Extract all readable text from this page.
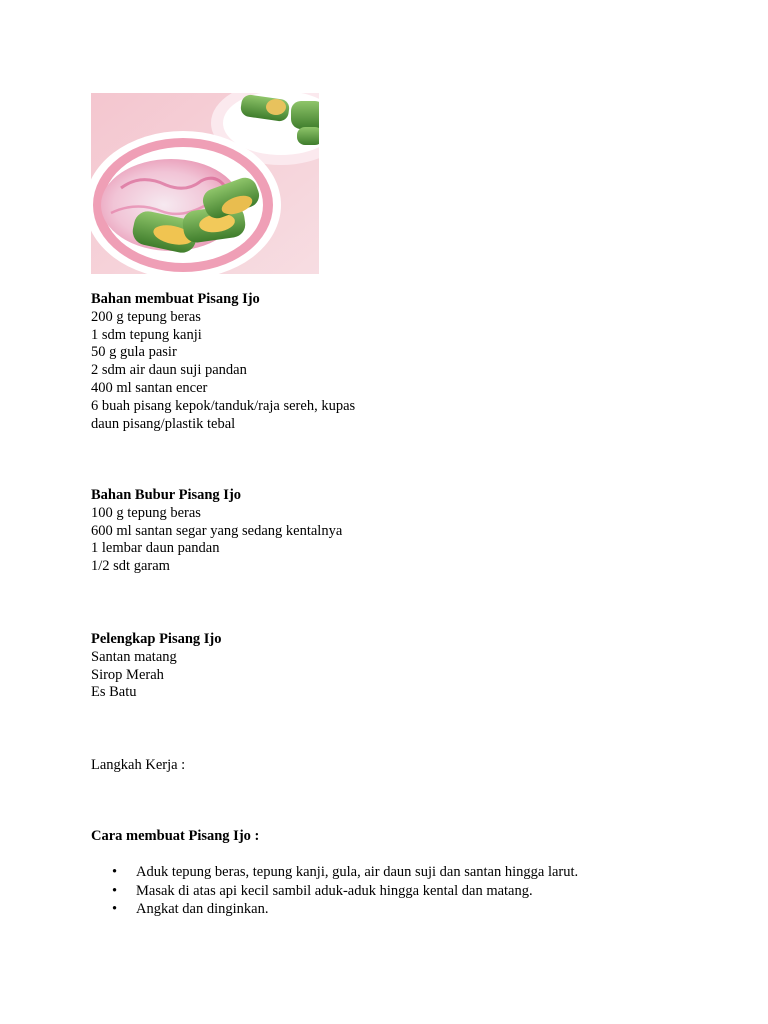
Bahan membuat Pisang Ijo
200 g tepung beras
1 sdm tepung kanji
50 g gula pasir
2 sdm air daun suji pandan
400 ml santan encer
6 buah pisang kepok/tanduk/raja sereh, kupas
daun pisang/plastik tebal
Bahan Bubur Pisang Ijo
100 g tepung beras
600 ml santan segar yang sedang kentalnya
1 lembar daun pandan
1/2 sdt garam
Pelengkap Pisang Ijo
Santan matang
Sirop Merah
Es Batu
Langkah Kerja :
Cara membuat Pisang Ijo :
• Aduk tepung beras, tepung kanji, gula, air daun suji dan santan hingga larut.
• Masak di atas api kecil sambil aduk-aduk hingga kental dan matang.
• Angkat dan dinginkan.
